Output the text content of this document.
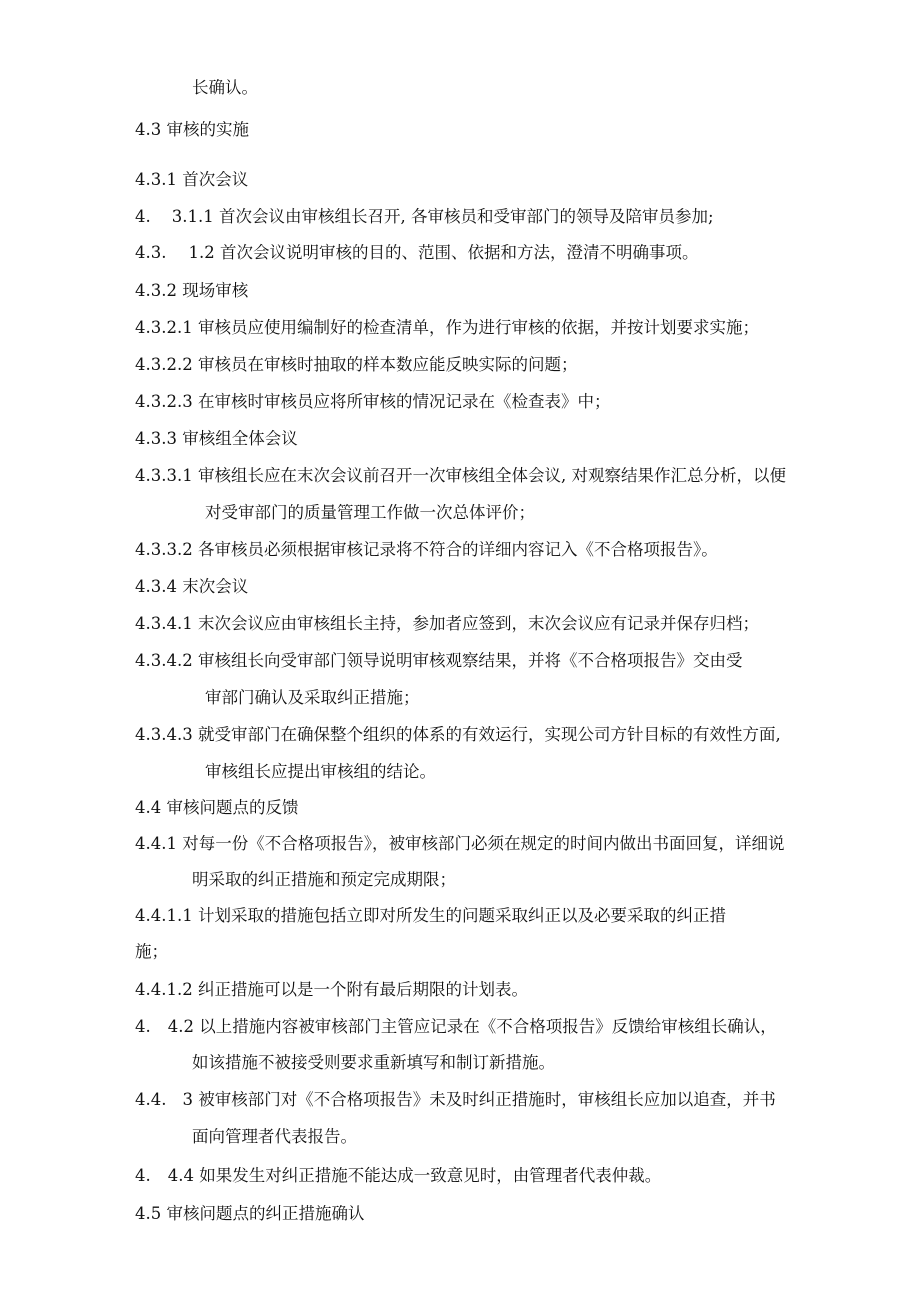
长确认。
4.3 审核的实施
4.3.1 首次会议
4. 3.1.1 首次会议由审核组长召开, 各审核员和受审部门的领导及陪审员参加;
4.3. 1.2 首次会议说明审核的目的、范围、依据和方法，澄清不明确事项。
4.3.2 现场审核
4.3.2.1 审核员应使用编制好的检查清单，作为进行审核的依据，并按计划要求实施；
4.3.2.2 审核员在审核时抽取的样本数应能反映实际的问题；
4.3.2.3 在审核时审核员应将所审核的情况记录在《检查表》中；
4.3.3 审核组全体会议
4.3.3.1 审核组长应在末次会议前召开一次审核组全体会议, 对观察结果作汇总分析，以便
对受审部门的质量管理工作做一次总体评价；
4.3.3.2 各审核员必须根据审核记录将不符合的详细内容记入《不合格项报告》。
4.3.4 末次会议
4.3.4.1 末次会议应由审核组长主持，参加者应签到，末次会议应有记录并保存归档；
4.3.4.2 审核组长向受审部门领导说明审核观察结果，并将《不合格项报告》交由受
审部门确认及采取纠正措施；
4.3.4.3 就受审部门在确保整个组织的体系的有效运行，实现公司方针目标的有效性方面,
审核组长应提出审核组的结论。
4.4 审核问题点的反馈
4.4.1 对每一份《不合格项报告》，被审核部门必须在规定的时间内做出书面回复，详细说
明采取的纠正措施和预定完成期限；
4.4.1.1 计划采取的措施包括立即对所发生的问题采取纠正以及必要采取的纠正措
施；
4.4.1.2 纠正措施可以是一个附有最后期限的计划表。
4. 4.2 以上措施内容被审核部门主管应记录在《不合格项报告》反馈给审核组长确认，
如该措施不被接受则要求重新填写和制订新措施。
4.4. 3 被审核部门对《不合格项报告》未及时纠正措施时，审核组长应加以追查，并书
面向管理者代表报告。
4. 4.4 如果发生对纠正措施不能达成一致意见时，由管理者代表仲裁。
4.5 审核问题点的纠正措施确认
